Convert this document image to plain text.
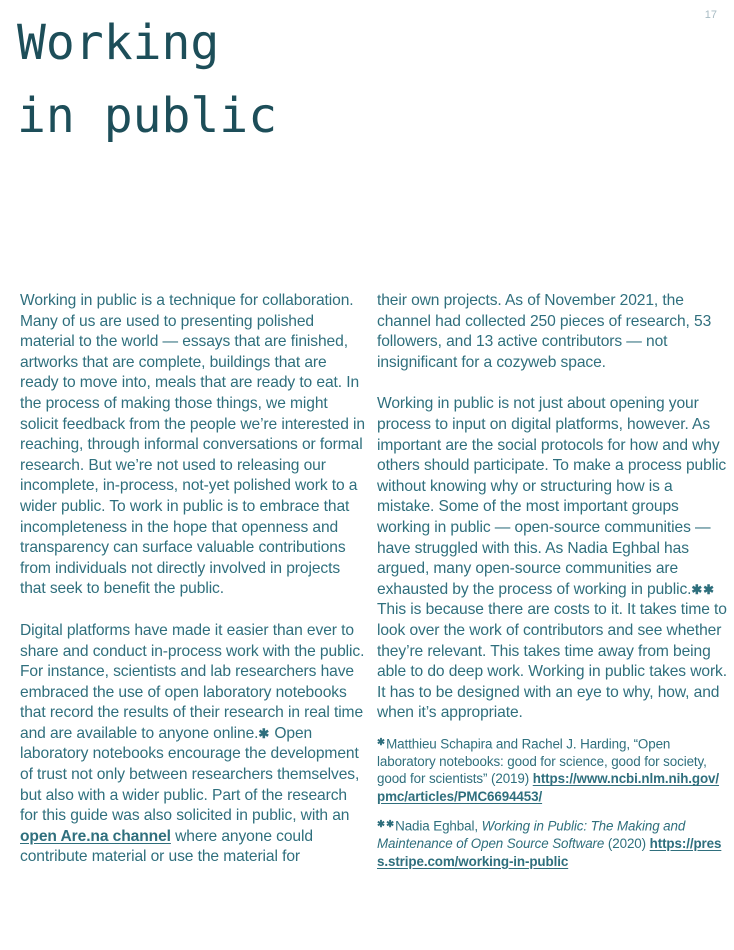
17
Working
in public

Working in public is a technique for collaboration. Many of us are used to presenting polished material to the world — essays that are finished, artworks that are complete, buildings that are ready to move into, meals that are ready to eat. In the process of making those things, we might solicit feedback from the people we’re interested in reaching, through informal conversations or formal research. But we’re not used to releasing our incomplete, in-process, not-yet polished work to a wider public. To work in public is to embrace that incompleteness in the hope that openness and transparency can surface valuable contributions from individuals not directly involved in projects that seek to benefit the public.

Digital platforms have made it easier than ever to share and conduct in-process work with the public. For instance, scientists and lab researchers have embraced the use of open laboratory notebooks that record the results of their research in real time and are available to anyone online.✱ Open laboratory notebooks encourage the development of trust not only between researchers themselves, but also with a wider public. Part of the research for this guide was also solicited in public, with an open Are.na channel where anyone could contribute material or use the material for

their own projects. As of November 2021, the channel had collected 250 pieces of research, 53 followers, and 13 active contributors — not insignificant for a cozyweb space.

Working in public is not just about opening your process to input on digital platforms, however. As important are the social protocols for how and why others should participate. To make a process public without knowing why or structuring how is a mistake. Some of the most important groups working in public — open-source communities — have struggled with this. As Nadia Eghbal has argued, many open-source communities are exhausted by the process of working in public.✱✱ This is because there are costs to it. It takes time to look over the work of contributors and see whether they’re relevant. This takes time away from being able to do deep work. Working in public takes work. It has to be designed with an eye to why, how, and when it’s appropriate.

✱Matthieu Schapira and Rachel J. Harding, “Open laboratory notebooks: good for science, good for society, good for scientists” (2019) https://www.ncbi.nlm.nih.gov/pmc/articles/PMC6694453/

✱✱Nadia Eghbal, Working in Public: The Making and Maintenance of Open Source Software (2020) https://press.stripe.com/working-in-public
